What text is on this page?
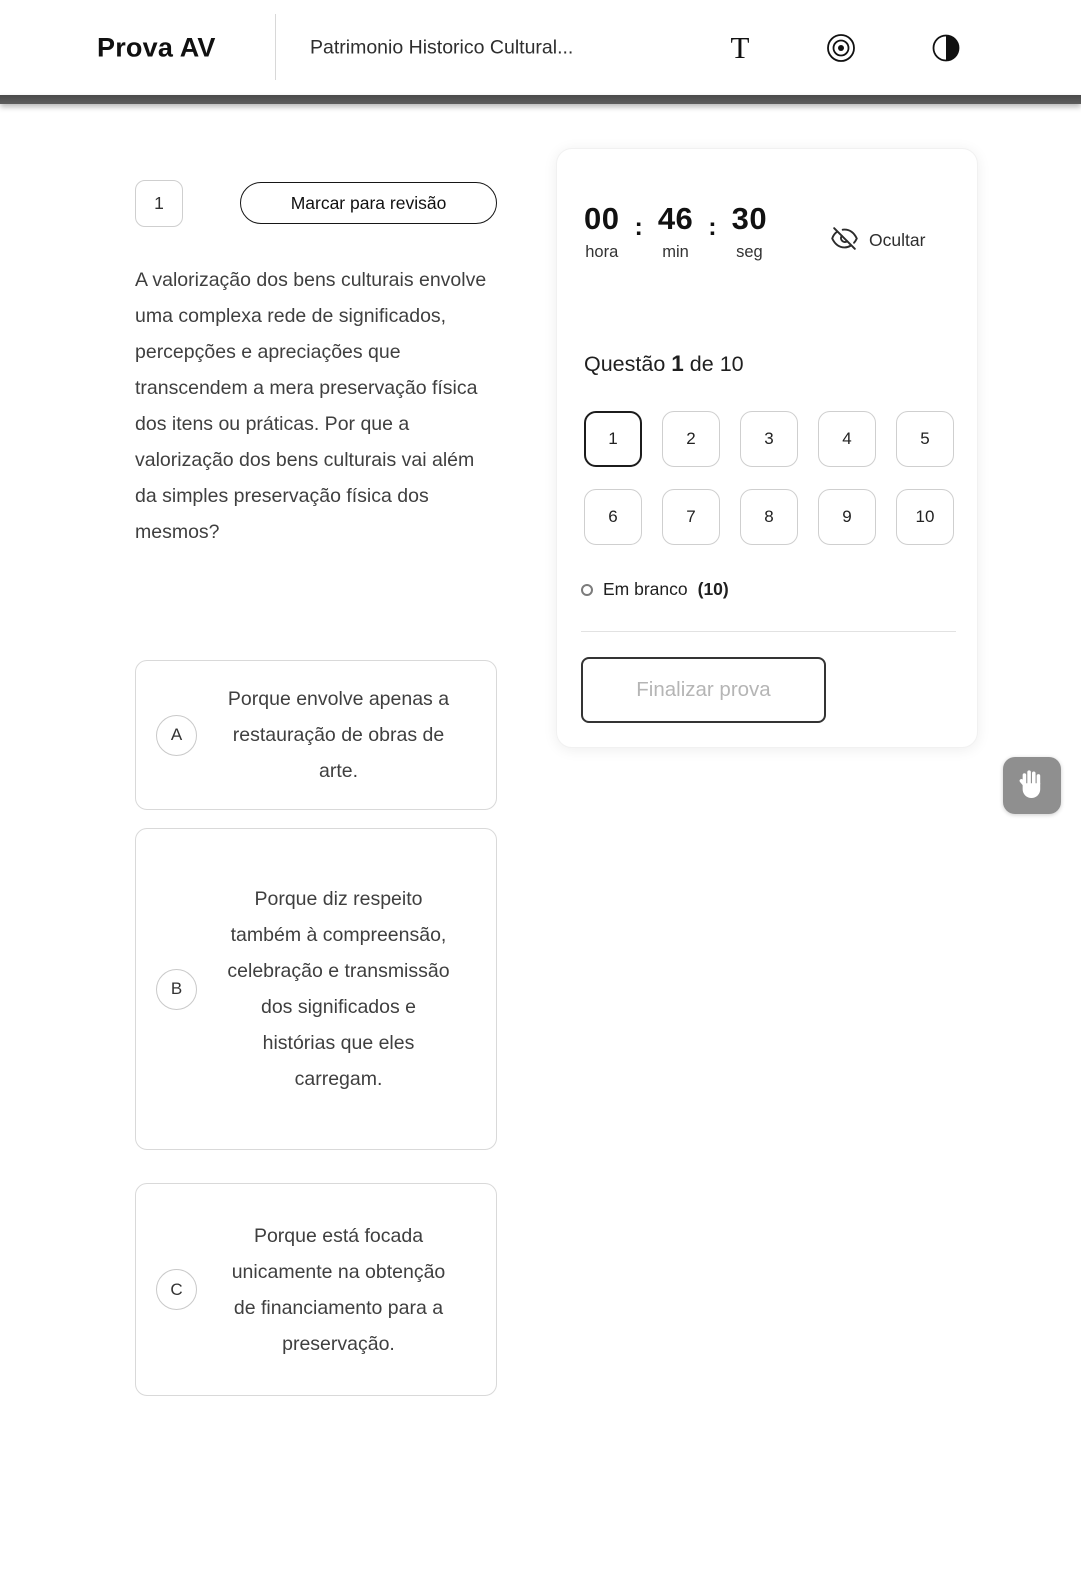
Prova AV	Patrimonio Historico Cultural...	T
1	Marcar para revisão
A valorização dos bens culturais envolve uma complexa rede de significados, percepções e apreciações que transcendem a mera preservação física dos itens ou práticas. Por que a valorização dos bens culturais vai além da simples preservação física dos mesmos?
A
Porque envolve apenas a restauração de obras de arte.
B
Porque diz respeito também à compreensão, celebração e transmissão dos significados e histórias que eles carregam.
C
Porque está focada unicamente na obtenção de financiamento para a preservação.
00
hora
: 46
min
: 30
seg
Ocultar
Questão 1 de 10
1	2	3	4	5
6	7	8	9	10
Em branco (10)
Finalizar prova
